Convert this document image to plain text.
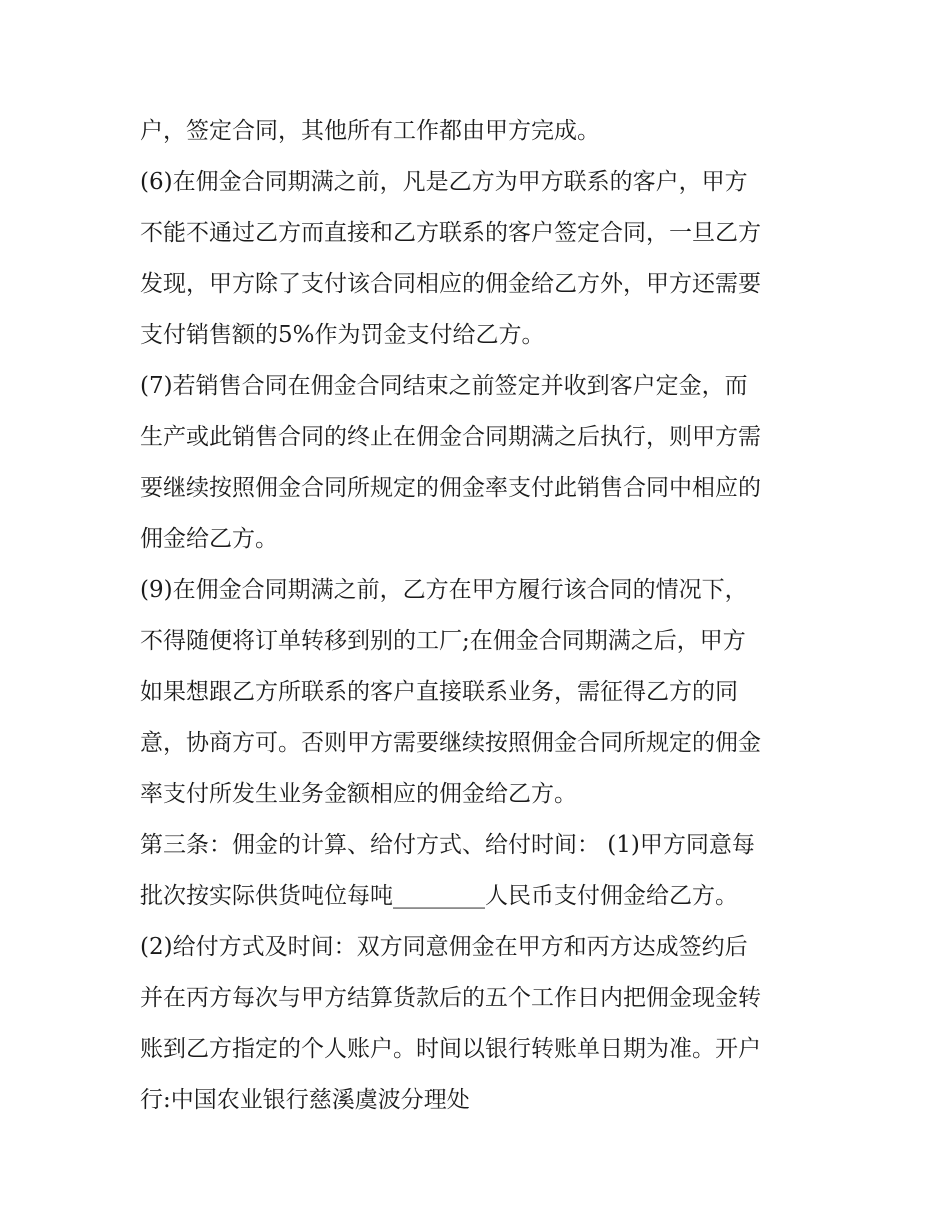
户，签定合同，其他所有工作都由甲方完成。
(6)在佣金合同期满之前，凡是乙方为甲方联系的客户，甲方
不能不通过乙方而直接和乙方联系的客户签定合同，一旦乙方
发现，甲方除了支付该合同相应的佣金给乙方外，甲方还需要
支付销售额的5%作为罚金支付给乙方。
(7)若销售合同在佣金合同结束之前签定并收到客户定金，而
生产或此销售合同的终止在佣金合同期满之后执行，则甲方需
要继续按照佣金合同所规定的佣金率支付此销售合同中相应的
佣金给乙方。
(9)在佣金合同期满之前，乙方在甲方履行该合同的情况下，
不得随便将订单转移到别的工厂;在佣金合同期满之后，甲方
如果想跟乙方所联系的客户直接联系业务，需征得乙方的同
意，协商方可。否则甲方需要继续按照佣金合同所规定的佣金
率支付所发生业务金额相应的佣金给乙方。
第三条：佣金的计算、给付方式、给付时间： (1)甲方同意每
批次按实际供货吨位每吨________人民币支付佣金给乙方。
(2)给付方式及时间：双方同意佣金在甲方和丙方达成签约后
并在丙方每次与甲方结算货款后的五个工作日内把佣金现金转
账到乙方指定的个人账户。时间以银行转账单日期为准。开户
行:中国农业银行慈溪虞波分理处
